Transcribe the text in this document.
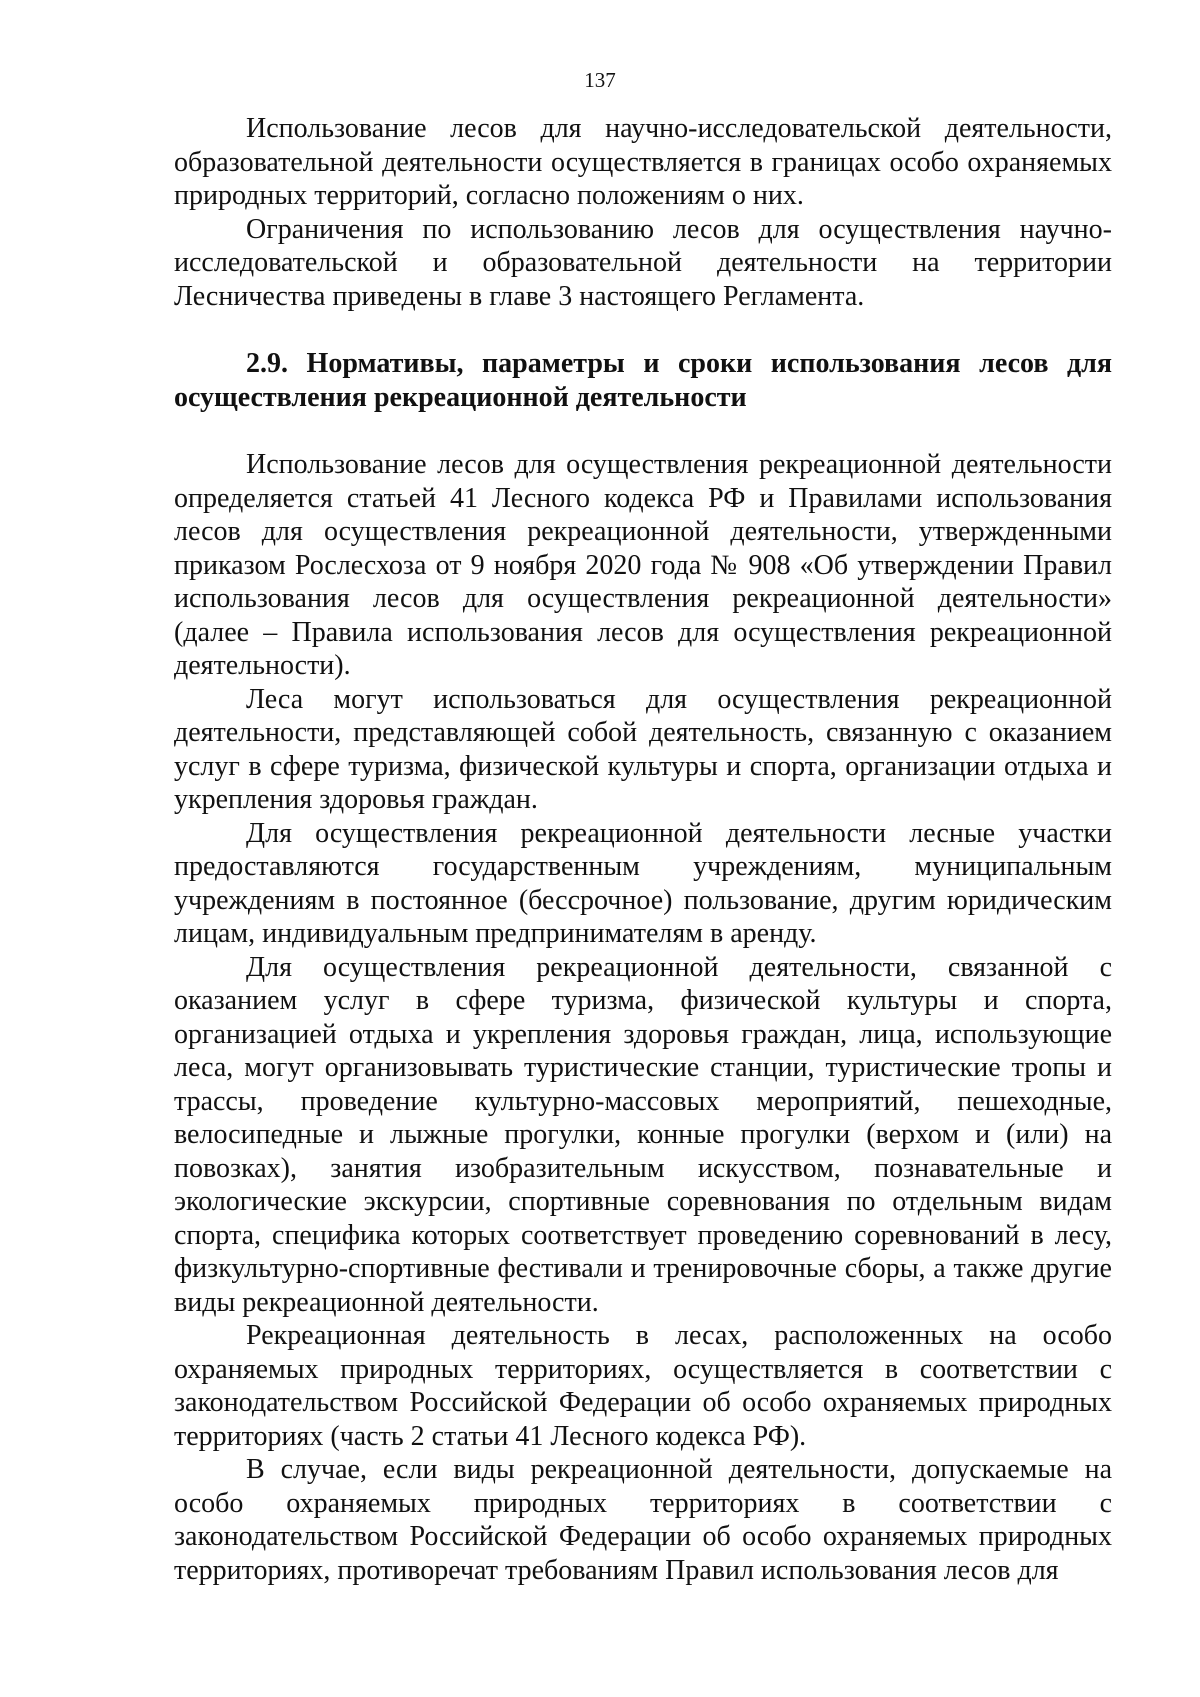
137

Использование лесов для научно-исследовательской деятельности, образовательной деятельности осуществляется в границах особо охраняемых природных территорий, согласно положениям о них.

Ограничения по использованию лесов для осуществления научно-исследовательской и образовательной деятельности на территории Лесничества приведены в главе 3 настоящего Регламента.

2.9. Нормативы, параметры и сроки использования лесов для осуществления рекреационной деятельности

Использование лесов для осуществления рекреационной деятельности определяется статьей 41 Лесного кодекса РФ и Правилами использования лесов для осуществления рекреационной деятельности, утвержденными приказом Рослесхоза от 9 ноября 2020 года № 908 «Об утверждении Правил использования лесов для осуществления рекреационной деятельности» (далее – Правила использования лесов для осуществления рекреационной деятельности).

Леса могут использоваться для осуществления рекреационной деятельности, представляющей собой деятельность, связанную с оказанием услуг в сфере туризма, физической культуры и спорта, организации отдыха и укрепления здоровья граждан.

Для осуществления рекреационной деятельности лесные участки предоставляются государственным учреждениям, муниципальным учреждениям в постоянное (бессрочное) пользование, другим юридическим лицам, индивидуальным предпринимателям в аренду.

Для осуществления рекреационной деятельности, связанной с оказанием услуг в сфере туризма, физической культуры и спорта, организацией отдыха и укрепления здоровья граждан, лица, использующие леса, могут организовывать туристические станции, туристические тропы и трассы, проведение культурно-массовых мероприятий, пешеходные, велосипедные и лыжные прогулки, конные прогулки (верхом и (или) на повозках), занятия изобразительным искусством, познавательные и экологические экскурсии, спортивные соревнования по отдельным видам спорта, специфика которых соответствует проведению соревнований в лесу, физкультурно-спортивные фестивали и тренировочные сборы, а также другие виды рекреационной деятельности.

Рекреационная деятельность в лесах, расположенных на особо охраняемых природных территориях, осуществляется в соответствии с законодательством Российской Федерации об особо охраняемых природных территориях (часть 2 статьи 41 Лесного кодекса РФ).

В случае, если виды рекреационной деятельности, допускаемые на особо охраняемых природных территориях в соответствии с законодательством Российской Федерации об особо охраняемых природных территориях, противоречат требованиям Правил использования лесов для
